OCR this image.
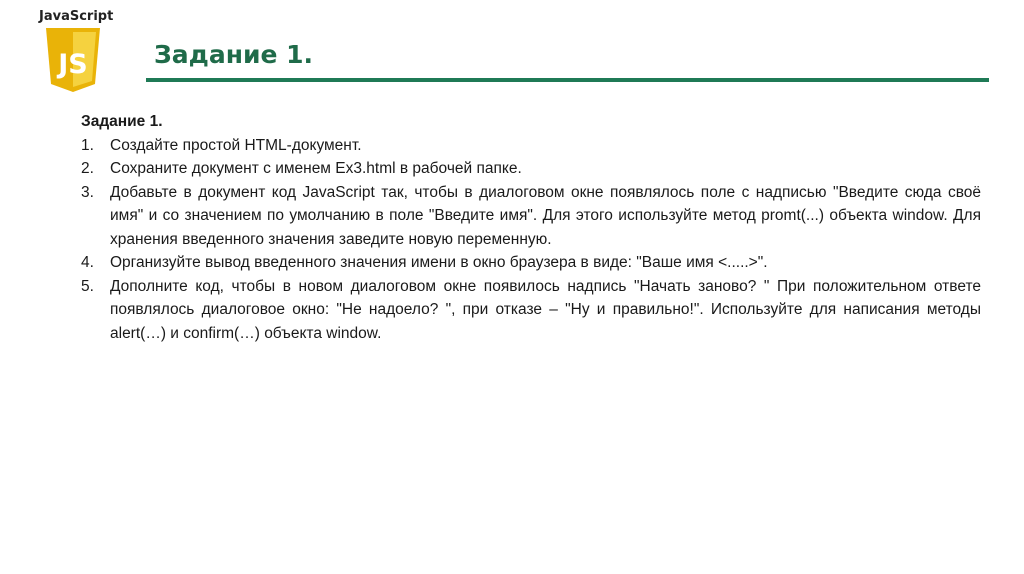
JavaScript
JS	Задание 1.
Задание 1.
1.	Создайте простой HTML-документ.
2.	Сохраните документ с именем Ex3.html в рабочей папке.
3.	Добавьте в документ код JavaScript так, чтобы в диалоговом окне появлялось поле с надписью "Введите сюда своё имя" и со значением по умолчанию в поле "Введите имя". Для этого используйте метод promt(...) объекта window. Для хранения введенного значения заведите новую переменную.
4.	Организуйте вывод введенного значения имени в окно браузера в виде: "Ваше имя <.....>".
5.	Дополните код, чтобы в новом диалоговом окне появилось надпись "Начать заново? " При положительном ответе появлялось диалоговое окно: "Не надоело? ", при отказе – "Ну и правильно!". Используйте для написания методы alert(…) и confirm(…) объекта window.
